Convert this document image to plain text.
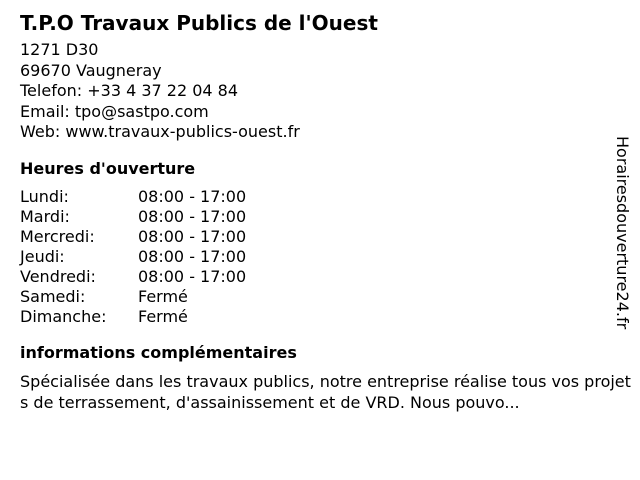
T.P.O Travaux Publics de l'Ouest
1271 D30
69670 Vaugneray
Telefon: +33 4 37 22 04 84
Email: tpo@sastpo.com
Web: www.travaux-publics-ouest.fr
Heures d'ouverture
Lundi:	08:00 - 17:00
Mardi:	08:00 - 17:00
Mercredi:	08:00 - 17:00
Jeudi:	08:00 - 17:00
Vendredi:	08:00 - 17:00
Samedi:	Fermé
Dimanche:	Fermé
informations complémentaires
Spécialisée dans les travaux publics, notre entreprise réalise tous vos projets de terrassement, d'assainissement et de VRD. Nous pouvo...
Horairesdouverture24.fr
